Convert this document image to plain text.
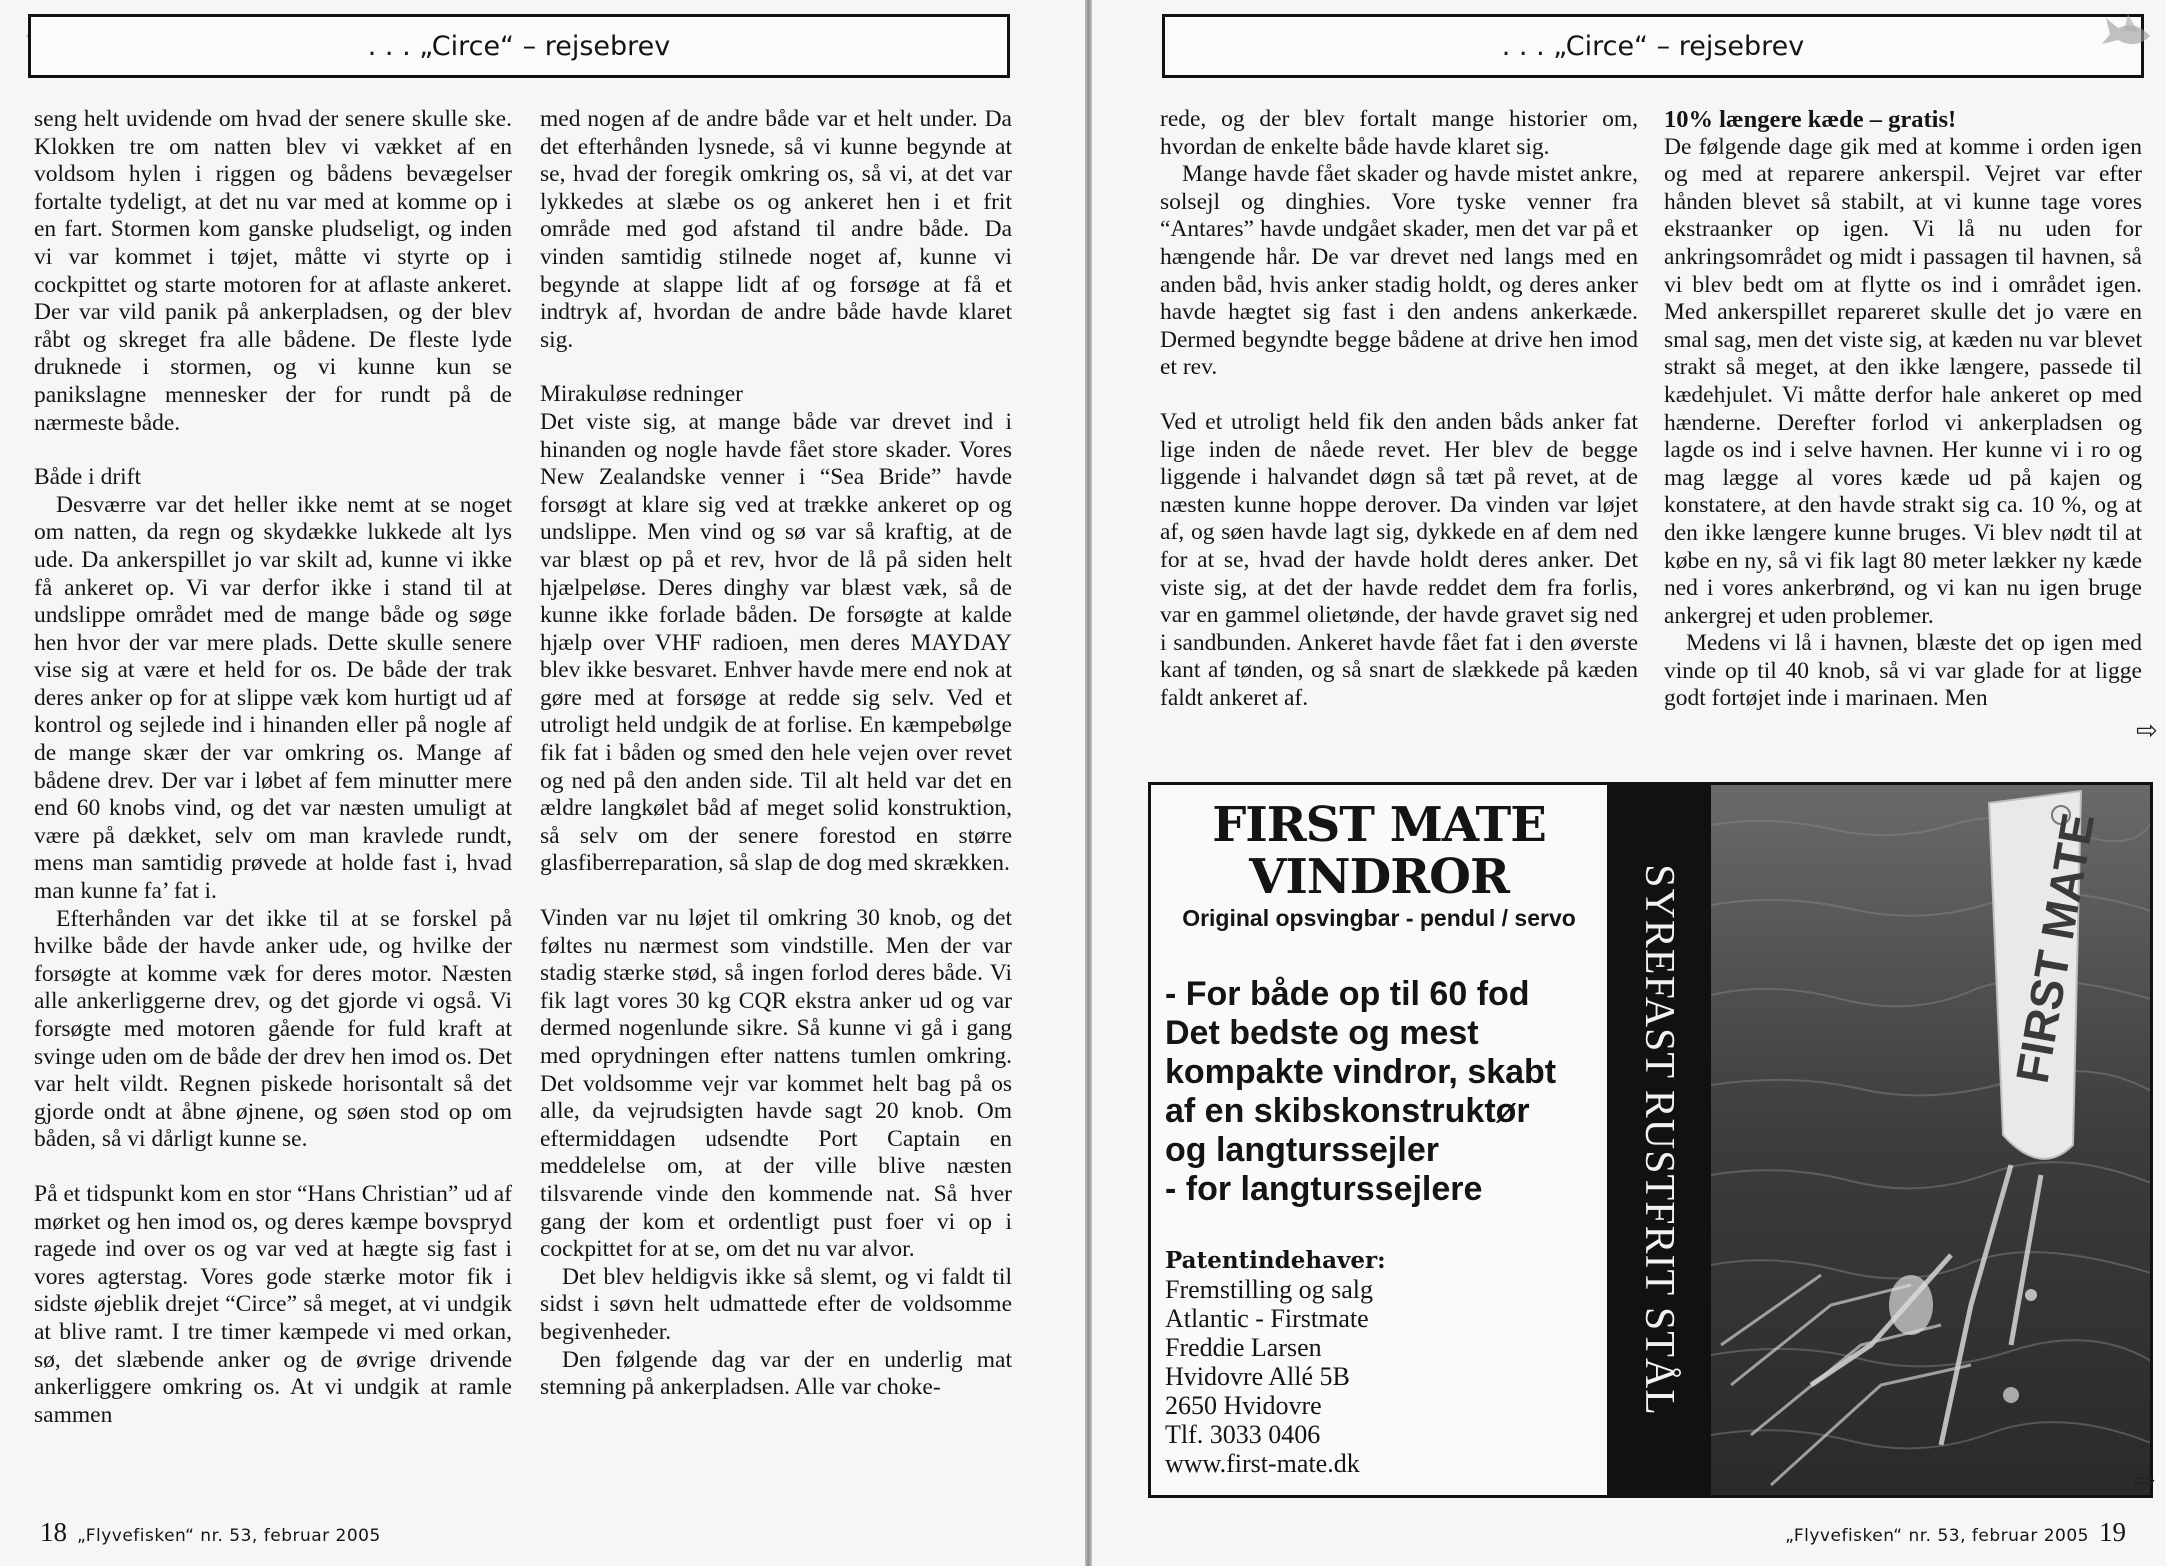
. . . „Circe“ – rejsebrev

seng helt uvidende om hvad der senere skulle ske. Klokken tre om natten blev vi vækket af en voldsom hylen i riggen og bådens bevægelser fortalte tydeligt, at det nu var med at komme op i en fart. Stormen kom ganske pludseligt, og inden vi var kommet i tøjet, måtte vi styrte op i cockpittet og starte motoren for at aflaste ankeret. Der var vild panik på ankerpladsen, og der blev råbt og skreget fra alle bådene. De fleste lyde druknede i stormen, og vi kunne kun se panikslagne mennesker der for rundt på de nærmeste både.

Både i drift

Desværre var det heller ikke nemt at se noget om natten, da regn og skydække lukkede alt lys ude. Da ankerspillet jo var skilt ad, kunne vi ikke få ankeret op. Vi var derfor ikke i stand til at undslippe området med de mange både og søge hen hvor der var mere plads. Dette skulle senere vise sig at være et held for os. De både der trak deres anker op for at slippe væk kom hurtigt ud af kontrol og sejlede ind i hinanden eller på nogle af de mange skær der var omkring os. Mange af bådene drev. Der var i løbet af fem minutter mere end 60 knobs vind, og det var næsten umuligt at være på dækket, selv om man kravlede rundt, mens man samtidig prøvede at holde fast i, hvad man kunne fa’ fat i.

Efterhånden var det ikke til at se forskel på hvilke både der havde anker ude, og hvilke der forsøgte at komme væk for deres motor. Næsten alle ankerliggerne drev, og det gjorde vi også. Vi forsøgte med motoren gående for fuld kraft at svinge uden om de både der drev hen imod os. Det var helt vildt. Regnen piskede horisontalt så det gjorde ondt at åbne øjnene, og søen stod op om båden, så vi dårligt kunne se.

På et tidspunkt kom en stor “Hans Christian” ud af mørket og hen imod os, og deres kæmpe bovspryd ragede ind over os og var ved at hægte sig fast i vores agterstag. Vores gode stærke motor fik i sidste øjeblik drejet “Circe” så meget, at vi undgik at blive ramt. I tre timer kæmpede vi med orkan, sø, det slæbende anker og de øvrige drivende ankerliggere omkring os. At vi undgik at ramle sammen

med nogen af de andre både var et helt under. Da det efterhånden lysnede, så vi kunne begynde at se, hvad der foregik omkring os, så vi, at det var lykkedes at slæbe os og ankeret hen i et frit område med god afstand til andre både. Da vinden samtidig stilnede noget af, kunne vi begynde at slappe lidt af og forsøge at få et indtryk af, hvordan de andre både havde klaret sig.

Mirakuløse redninger

Det viste sig, at mange både var drevet ind i hinanden og nogle havde fået store skader. Vores New Zealandske venner i “Sea Bride” havde forsøgt at klare sig ved at trække ankeret op og undslippe. Men vind og sø var så kraftig, at de var blæst op på et rev, hvor de lå på siden helt hjælpeløse. Deres dinghy var blæst væk, så de kunne ikke forlade båden. De forsøgte at kalde hjælp over VHF radioen, men deres MAYDAY blev ikke besvaret. Enhver havde mere end nok at gøre med at forsøge at redde sig selv. Ved et utroligt held undgik de at forlise. En kæmpebølge fik fat i båden og smed den hele vejen over revet og ned på den anden side. Til alt held var det en ældre langkølet båd af meget solid konstruktion, så selv om der senere forestod en større glasfiberreparation, så slap de dog med skrækken.

Vinden var nu løjet til omkring 30 knob, og det føltes nu nærmest som vindstille. Men der var stadig stærke stød, så ingen forlod deres både. Vi fik lagt vores 30 kg CQR ekstra anker ud og var dermed nogenlunde sikre. Så kunne vi gå i gang med oprydningen efter nattens tumlen omkring. Det voldsomme vejr var kommet helt bag på os alle, da vejrudsigten havde sagt 20 knob. Om eftermiddagen udsendte Port Captain en meddelelse om, at der ville blive næsten tilsvarende vinde den kommende nat. Så hver gang der kom et ordentligt pust foer vi op i cockpittet for at se, om det nu var alvor.

Det blev heldigvis ikke så slemt, og vi faldt til sidst i søvn helt udmattede efter de voldsomme begivenheder.

Den følgende dag var der en underlig mat stemning på ankerpladsen. Alle var choke-

18 „Flyvefisken“ nr. 53, februar 2005
. . . „Circe“ – rejsebrev

rede, og der blev fortalt mange historier om, hvordan de enkelte både havde klaret sig.

Mange havde fået skader og havde mistet ankre, solsejl og dinghies. Vore tyske venner fra “Antares” havde undgået skader, men det var på et hængende hår. De var drevet ned langs med en anden båd, hvis anker stadig holdt, og deres anker havde hægtet sig fast i den andens ankerkæde. Dermed begyndte begge bådene at drive hen imod et rev.

Ved et utroligt held fik den anden båds anker fat lige inden de nåede revet. Her blev de begge liggende i halvandet døgn så tæt på revet, at de næsten kunne hoppe derover. Da vinden var løjet af, og søen havde lagt sig, dykkede en af dem ned for at se, hvad der havde holdt deres anker. Det viste sig, at det der havde reddet dem fra forlis, var en gammel olietønde, der havde gravet sig ned i sandbunden. Ankeret havde fået fat i den øverste kant af tønden, og så snart de slækkede på kæden faldt ankeret af.

10% længere kæde – gratis!

De følgende dage gik med at komme i orden igen og med at reparere ankerspil. Vejret var efter hånden blevet så stabilt, at vi kunne tage vores ekstraanker op igen. Vi lå nu uden for ankringsområdet og midt i passagen til havnen, så vi blev bedt om at flytte os ind i området igen. Med ankerspillet repareret skulle det jo være en smal sag, men det viste sig, at kæden nu var blevet strakt så meget, at den ikke længere, passede til kædehjulet. Vi måtte derfor hale ankeret op med hænderne. Derefter forlod vi ankerpladsen og lagde os ind i selve havnen. Her kunne vi i ro og mag lægge al vores kæde ud på kajen og konstatere, at den havde strakt sig ca. 10 %, og at den ikke længere kunne bruges. Vi blev nødt til at købe en ny, så vi fik lagt 80 meter lækker ny kæde ned i vores ankerbrønd, og vi kan nu igen bruge ankergrej et uden problemer.

Medens vi lå i havnen, blæste det op igen med vinde op til 40 knob, så vi var glade for at ligge godt fortøjet inde i marinaen. Men

⇨
FIRST MATE
VINDROR
Original opsvingbar - pendul / servo
- For både op til 60 fod
Det bedste og mest
kompakte vindror, skabt
af en skibskonstruktør
og langturssejler
- for langturssejlere
Patentindehaver:
Fremstilling og salg
Atlantic - Firstmate
Freddie Larsen
Hvidovre Allé 5B
2650 Hvidovre
Tlf. 3033 0406
www.first-mate.dk
SYREFAST RUSTFRIT STÅL	FIRST MATE
⇨
„Flyvefisken“ nr. 53, februar 2005 19
